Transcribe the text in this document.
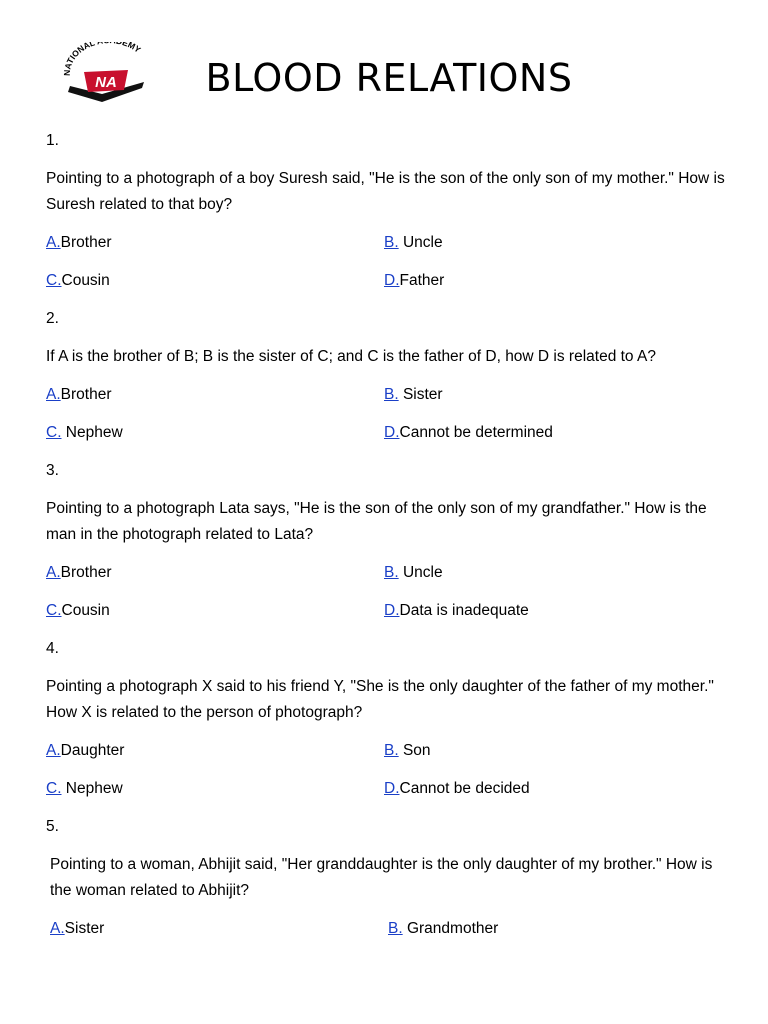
NATIONAL EMY
NA	BLOOD RELATIONS
1.
Pointing to a photograph of a boy Suresh said, "He is the son of the only son of my mother." How is Suresh related to that boy?
A.Brother	B. Uncle
C.Cousin	D.Father
2.
If A is the brother of B; B is the sister of C; and C is the father of D, how D is related to A?
A.Brother	B. Sister
C. Nephew	D.Cannot be determined
3.
Pointing to a photograph Lata says, "He is the son of the only son of my grandfather." How is the man in the photograph related to Lata?
A.Brother	B. Uncle
C.Cousin	D.Data is inadequate
4.
Pointing a photograph X said to his friend Y, "She is the only daughter of the father of my mother." How X is related to the person of photograph?
A.Daughter	B. Son
C. Nephew	D.Cannot be decided
5.
Pointing to a woman, Abhijit said, "Her granddaughter is the only daughter of my brother." How is the woman related to Abhijit?
A.Sister	B. Grandmother
